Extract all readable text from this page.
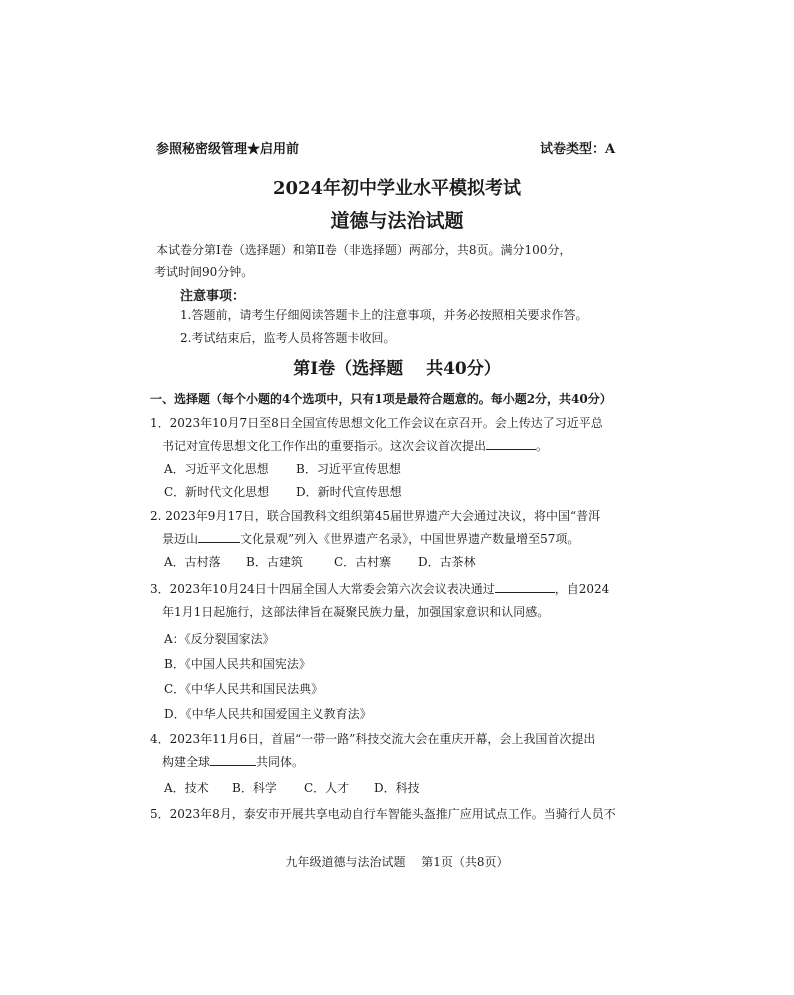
参照秘密级管理★启用前	试卷类型：A
2024年初中学业水平模拟考试
道德与法治试题
本试卷分第Ⅰ卷（选择题）和第Ⅱ卷（非选择题）两部分，共8页。满分100分，
考试时间90分钟。
注意事项：
1.答题前，请考生仔细阅读答题卡上的注意事项，并务必按照相关要求作答。
2.考试结束后，监考人员将答题卡收回。
第Ⅰ卷（选择题　 共40分）
一、选择题（每个小题的4个选项中，只有1项是最符合题意的。每小题2分，共40分）
1．2023年10月7日至8日全国宣传思想文化工作会议在京召开。会上传达了习近平总
书记对宣传思想文化工作作出的重要指示。这次会议首次提出	。
A．习近平文化思想 B．习近平宣传思想
C．新时代文化思想 D．新时代宣传思想
2. 2023年9月17日，联合国教科文组织第45届世界遗产大会通过决议，将中国“普洱
景迈山	文化景观”列入《世界遗产名录》，中国世界遗产数量增至57项。
A．古村落 B．古建筑	C．古村寨 D．古茶林
3．2023年10月24日十四届全国人大常委会第六次会议表决通过	，自2024
年1月1日起施行，这部法律旨在凝聚民族力量，加强国家意识和认同感。
A：《反分裂国家法》
B．《中国人民共和国宪法》
C．《中华人民共和国民法典》
D．《中华人民共和国爱国主义教育法》
4．2023年11月6日，首届“一带一路”科技交流大会在重庆开幕，会上我国首次提出
构建全球	共同体。
A．技术 B．科学 C．人才 D．科技
5．2023年8月，泰安市开展共享电动自行车智能头盔推广应用试点工作。当骑行人员不
九年级道德与法治试题　 第1页（共8页）
